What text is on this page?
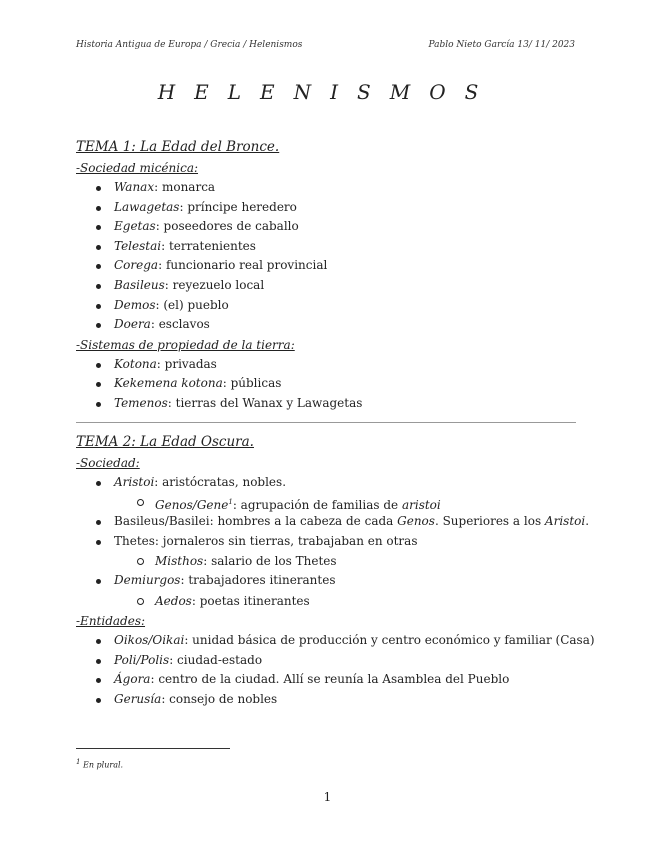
Historia Antigua de Europa / Grecia / Helenismos	Pablo Nieto García 13/ 11/ 2023
HELENISMOS
TEMA 1: La Edad del Bronce.
-Sociedad micénica:
Wanax: monarca
Lawagetas: príncipe heredero
Egetas: poseedores de caballo
Telestai: terratenientes
Corega: funcionario real provincial
Basileus: reyezuelo local
Demos: (el) pueblo
Doera: esclavos
-Sistemas de propiedad de la tierra:
Kotona: privadas
Kekemena kotona: públicas
Temenos: tierras del Wanax y Lawagetas
TEMA 2: La Edad Oscura.
-Sociedad:
Aristoi: aristócratas, nobles.
Genos/Gene$^1$: agrupación de familias de aristoi
Basileus/Basilei: hombres a la cabeza de cada Genos. Superiores a los Aristoi.
Thetes: jornaleros sin tierras, trabajaban en otras
Misthos: salario de los Thetes
Demiurgos: trabajadores itinerantes
Aedos: poetas itinerantes
-Entidades:
Oikos/Oikai: unidad básica de producción y centro económico y familiar (Casa)
Poli/Polis: ciudad-estado
Ágora: centro de la ciudad. Allí se reunía la Asamblea del Pueblo
Gerusía: consejo de nobles
$^1$ En plural.
1
